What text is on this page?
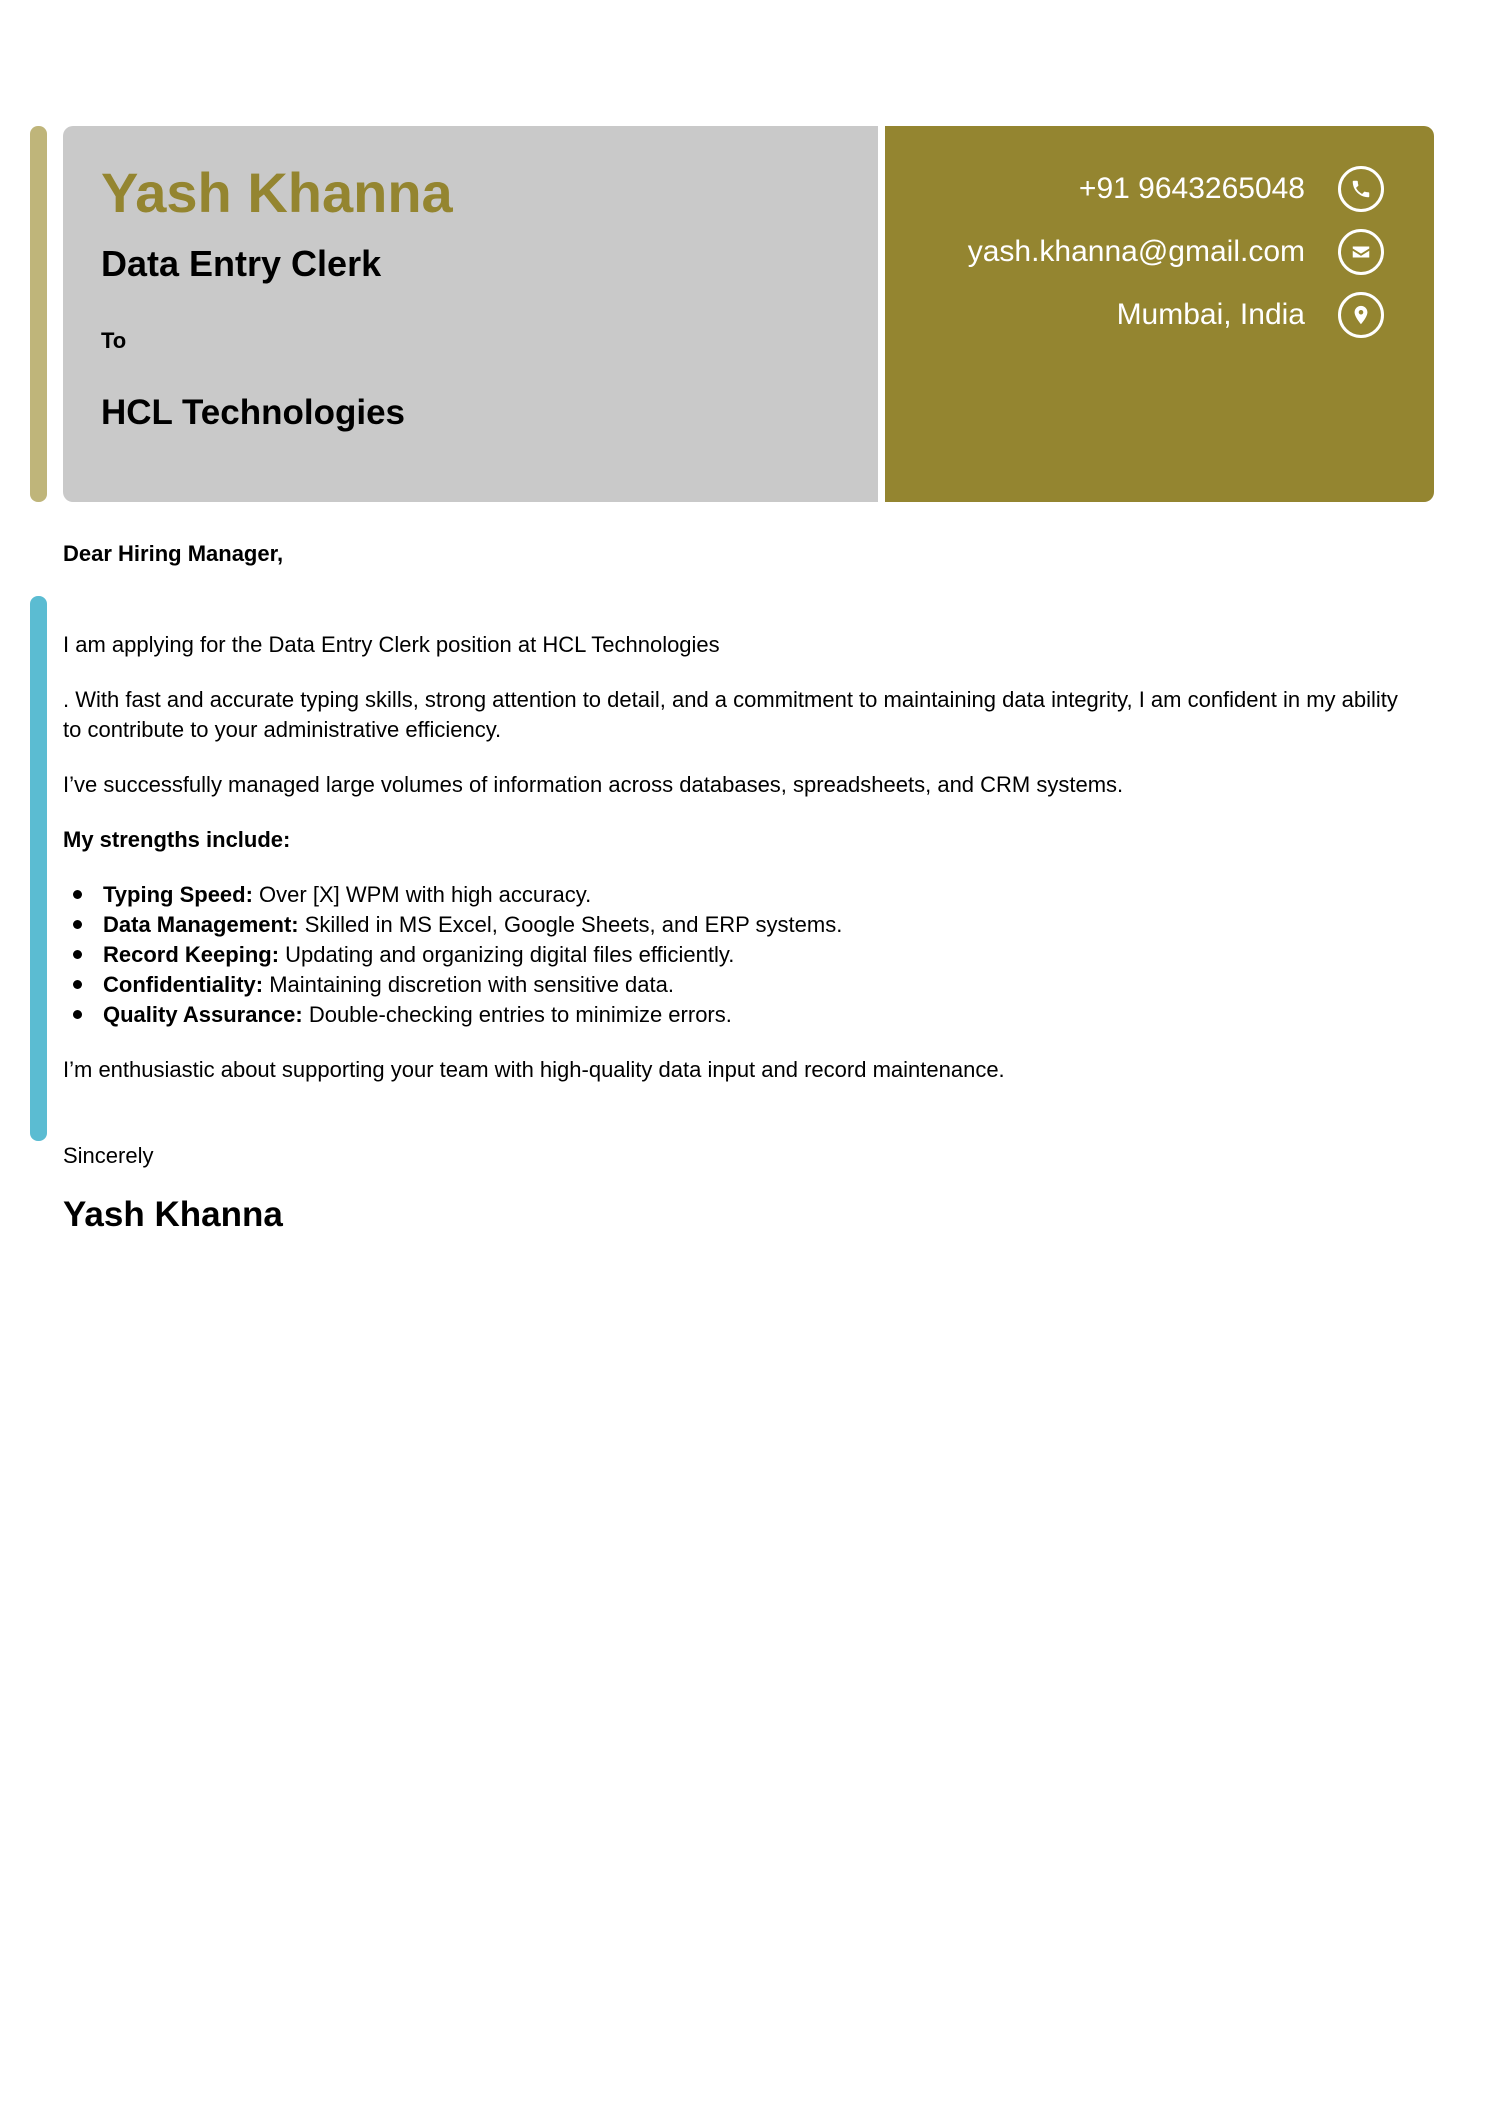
Yash Khanna
Data Entry Clerk
To
HCL Technologies
+91 9643265048
yash.khanna@gmail.com
Mumbai, India
Dear Hiring Manager,

I am applying for the Data Entry Clerk position at HCL Technologies

. With fast and accurate typing skills, strong attention to detail, and a commitment to maintaining data integrity, I am confident in my ability to contribute to your administrative efficiency.

I’ve successfully managed large volumes of information across databases, spreadsheets, and CRM systems.

My strengths include:

Typing Speed: Over [X] WPM with high accuracy.
Data Management: Skilled in MS Excel, Google Sheets, and ERP systems.
Record Keeping: Updating and organizing digital files efficiently.
Confidentiality: Maintaining discretion with sensitive data.
Quality Assurance: Double-checking entries to minimize errors.

I’m enthusiastic about supporting your team with high-quality data input and record maintenance.

Sincerely
Yash Khanna
